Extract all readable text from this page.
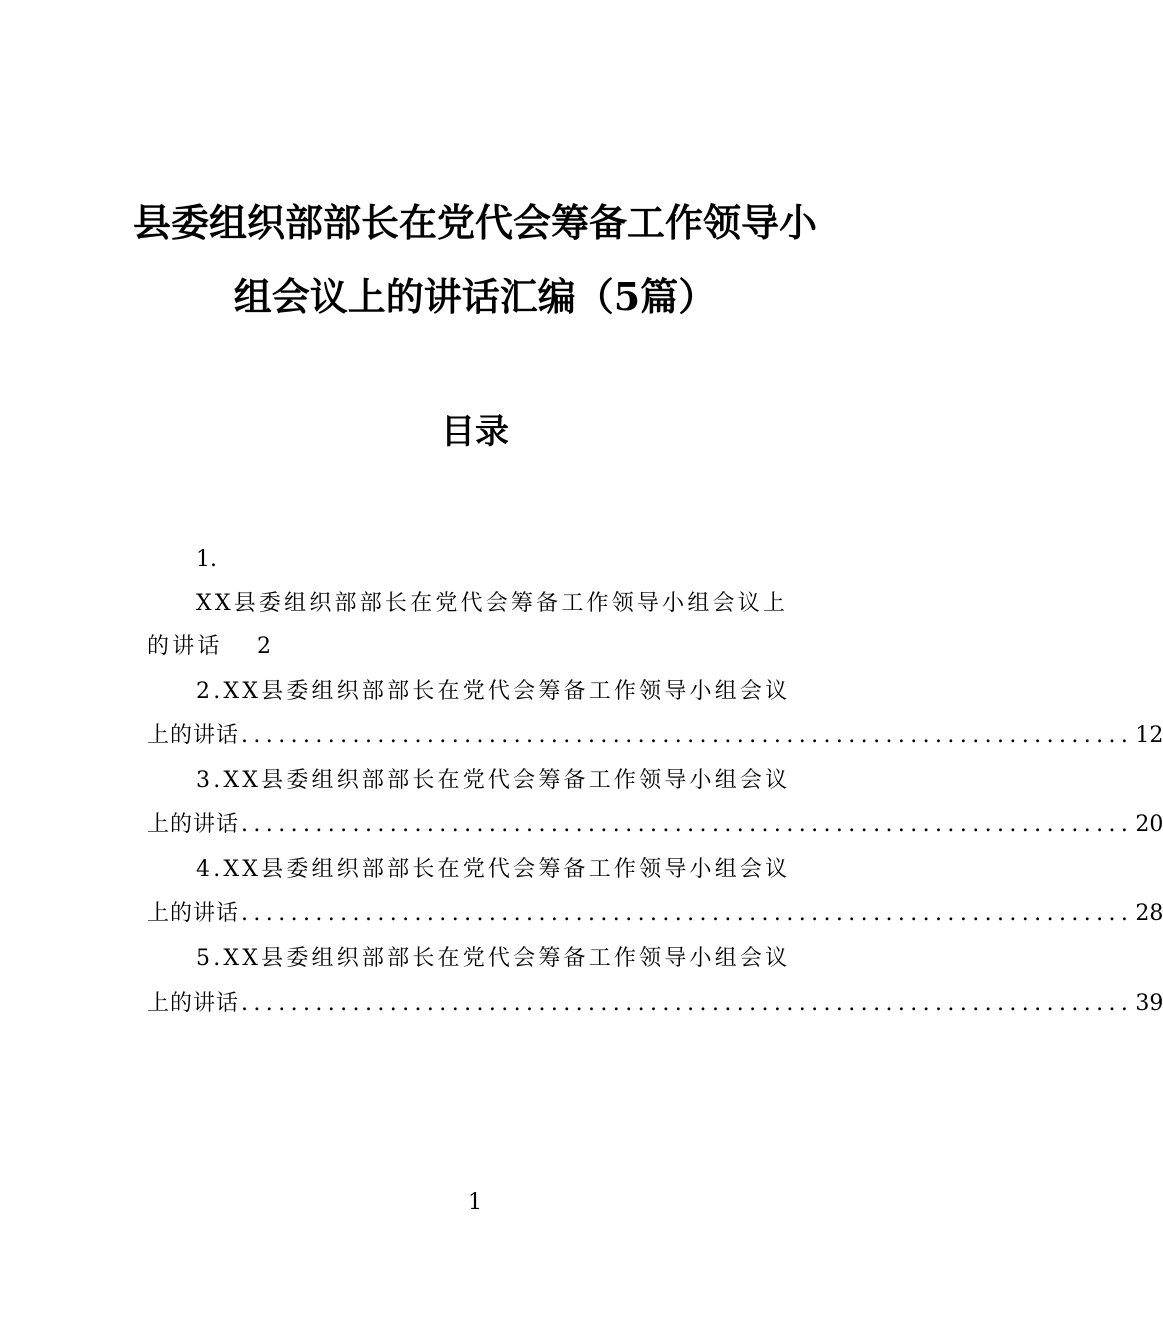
县委组织部部长在党代会筹备工作领导小
组会议上的讲话汇编（5篇）
目录
1.
XX县委组织部部长在党代会筹备工作领导小组会议上
的讲话 2
2.XX县委组织部部长在党代会筹备工作领导小组会议
上的讲话 ........................................................................ 12
3.XX县委组织部部长在党代会筹备工作领导小组会议
上的讲话 ........................................................................ 20
4.XX县委组织部部长在党代会筹备工作领导小组会议
上的讲话 ........................................................................ 28
5.XX县委组织部部长在党代会筹备工作领导小组会议
上的讲话 ........................................................................ 39
1
